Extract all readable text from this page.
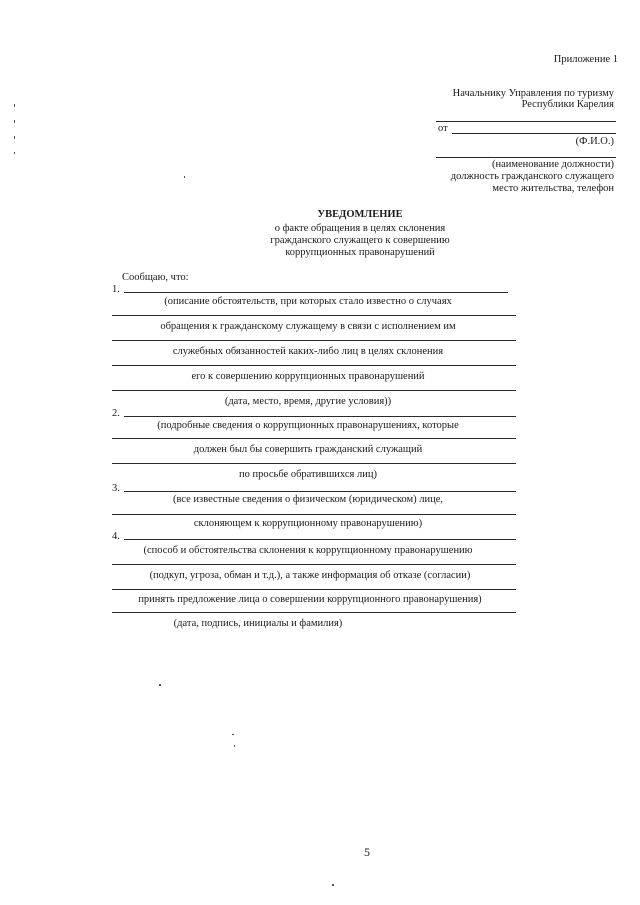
Приложение 1
Начальнику Управления по туризму
Республики Карелия
от
(Ф.И.О.)
(наименование должности)
должность гражданского служащего
место жительства, телефон
УВЕДОМЛЕНИЕ
о факте обращения в целях склонения
гражданского служащего к совершению
коррупционных правонарушений
Сообщаю, что:
1.
(описание обстоятельств, при которых стало известно о случаях
обращения к гражданскому служащему в связи с исполнением им
служебных обязанностей каких-либо лиц в целях склонения
его к совершению коррупционных правонарушений
(дата, место, время, другие условия))
2.
(подробные сведения о коррупционных правонарушениях, которые
должен был бы совершить гражданский служащий
по просьбе обратившихся лиц)
3.
(все известные сведения о физическом (юридическом) лице,
склоняющем к коррупционному правонарушению)
4.
(способ и обстоятельства склонения к коррупционному правонарушению
(подкуп, угроза, обман и т.д.), а также информация об отказе (согласии)
принять предложение лица о совершении коррупционного правонарушения)
(дата, подпись, инициалы и фамилия)
5
